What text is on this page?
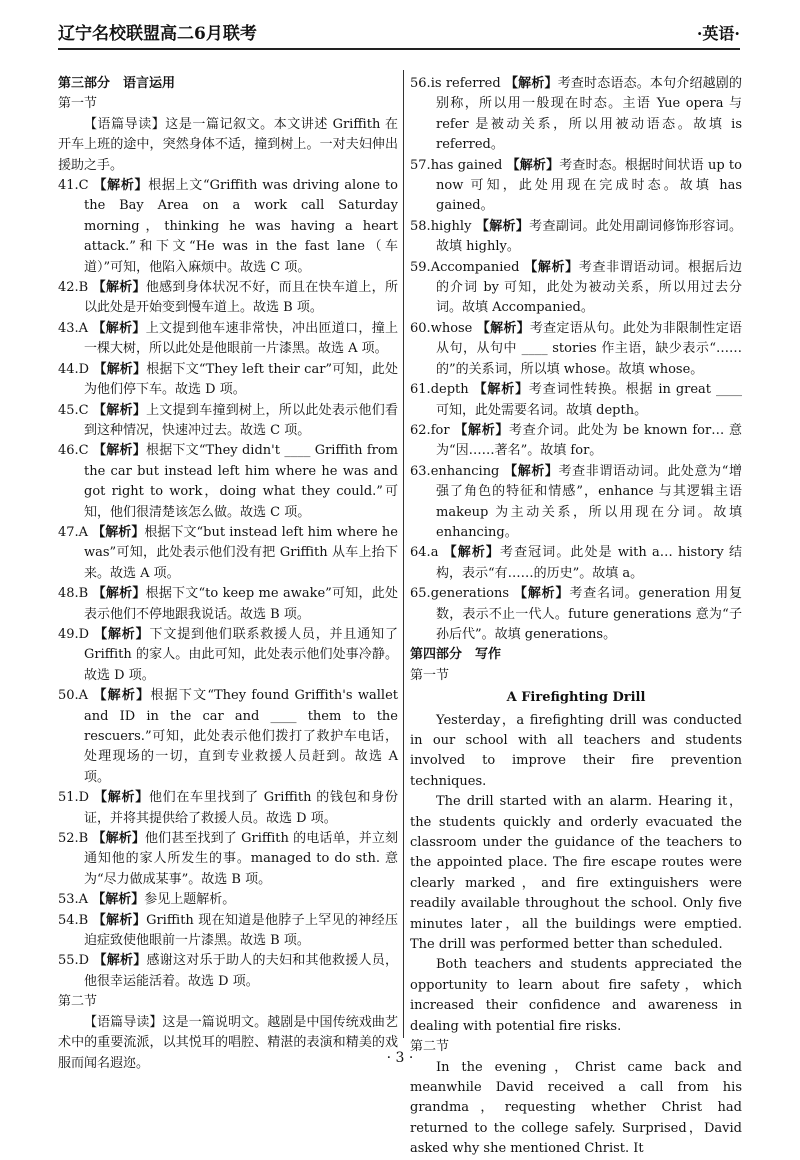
辽宁名校联盟高二6月联考	·英语·

第三部分　语言运用

第一节

【语篇导读】这是一篇记叙文。本文讲述 Griffith 在开车上班的途中，突然身体不适，撞到树上。一对夫妇伸出援助之手。

41.C 【解析】根据上文“Griffith was driving alone to the Bay Area on a work call Saturday morning，thinking he was having a heart attack.”和下文“He was in the fast lane（车道）”可知，他陷入麻烦中。故选 C 项。

42.B 【解析】他感到身体状况不好，而且在快车道上，所以此处是开始变到慢车道上。故选 B 项。

43.A 【解析】上文提到他车速非常快，冲出匝道口，撞上一棵大树，所以此处是他眼前一片漆黑。故选 A 项。

44.D 【解析】根据下文“They left their car”可知，此处为他们停下车。故选 D 项。

45.C 【解析】上文提到车撞到树上，所以此处表示他们看到这种情况，快速冲过去。故选 C 项。

46.C 【解析】根据下文“They didn't ____ Griffith from the car but instead left him where he was and got right to work，doing what they could.”可知，他们很清楚该怎么做。故选 C 项。

47.A 【解析】根据下文“but instead left him where he was”可知，此处表示他们没有把 Griffith 从车上抬下来。故选 A 项。

48.B 【解析】根据下文“to keep me awake”可知，此处表示他们不停地跟我说话。故选 B 项。

49.D 【解析】下文提到他们联系救援人员，并且通知了 Griffith 的家人。由此可知，此处表示他们处事冷静。故选 D 项。

50.A 【解析】根据下文“They found Griffith's wallet and ID in the car and ____ them to the rescuers.”可知，此处表示他们拨打了救护车电话，处理现场的一切，直到专业救援人员赶到。故选 A 项。

51.D 【解析】他们在车里找到了 Griffith 的钱包和身份证，并将其提供给了救援人员。故选 D 项。

52.B 【解析】他们甚至找到了 Griffith 的电话单，并立刻通知他的家人所发生的事。managed to do sth. 意为“尽力做成某事”。故选 B 项。

53.A 【解析】参见上题解析。

54.B 【解析】Griffith 现在知道是他脖子上罕见的神经压迫症致使他眼前一片漆黑。故选 B 项。

55.D 【解析】感谢这对乐于助人的夫妇和其他救援人员，他很幸运能活着。故选 D 项。

第二节

【语篇导读】这是一篇说明文。越剧是中国传统戏曲艺术中的重要流派，以其悦耳的唱腔、精湛的表演和精美的戏服而闻名遐迩。

56.is referred 【解析】考查时态语态。本句介绍越剧的别称，所以用一般现在时态。主语 Yue opera 与 refer 是被动关系，所以用被动语态。故填 is referred。

57.has gained 【解析】考查时态。根据时间状语 up to now 可知，此处用现在完成时态。故填 has gained。

58.highly 【解析】考查副词。此处用副词修饰形容词。故填 highly。

59.Accompanied 【解析】考查非谓语动词。根据后边的介词 by 可知，此处为被动关系，所以用过去分词。故填 Accompanied。

60.whose 【解析】考查定语从句。此处为非限制性定语从句，从句中 ____ stories 作主语，缺少表示“……的”的关系词，所以填 whose。故填 whose。

61.depth 【解析】考查词性转换。根据 in great ____ 可知，此处需要名词。故填 depth。

62.for 【解析】考查介词。此处为 be known for… 意为“因……著名”。故填 for。

63.enhancing 【解析】考查非谓语动词。此处意为“增强了角色的特征和情感”，enhance 与其逻辑主语 makeup 为主动关系，所以用现在分词。故填 enhancing。

64.a 【解析】考查冠词。此处是 with a… history 结构，表示“有……的历史”。故填 a。

65.generations 【解析】考查名词。generation 用复数，表示不止一代人。future generations 意为“子孙后代”。故填 generations。

第四部分　写作

第一节

A Firefighting Drill

Yesterday，a firefighting drill was conducted in our school with all teachers and students involved to improve their fire prevention techniques.

The drill started with an alarm. Hearing it，the students quickly and orderly evacuated the classroom under the guidance of the teachers to the appointed place. The fire escape routes were clearly marked，and fire extinguishers were readily available throughout the school. Only five minutes later，all the buildings were emptied. The drill was performed better than scheduled.

Both teachers and students appreciated the opportunity to learn about fire safety，which increased their confidence and awareness in dealing with potential fire risks.

第二节

In the evening，Christ came back and meanwhile David received a call from his grandma，requesting whether Christ had returned to the college safely. Surprised，David asked why she mentioned Christ. It

· 3 ·
